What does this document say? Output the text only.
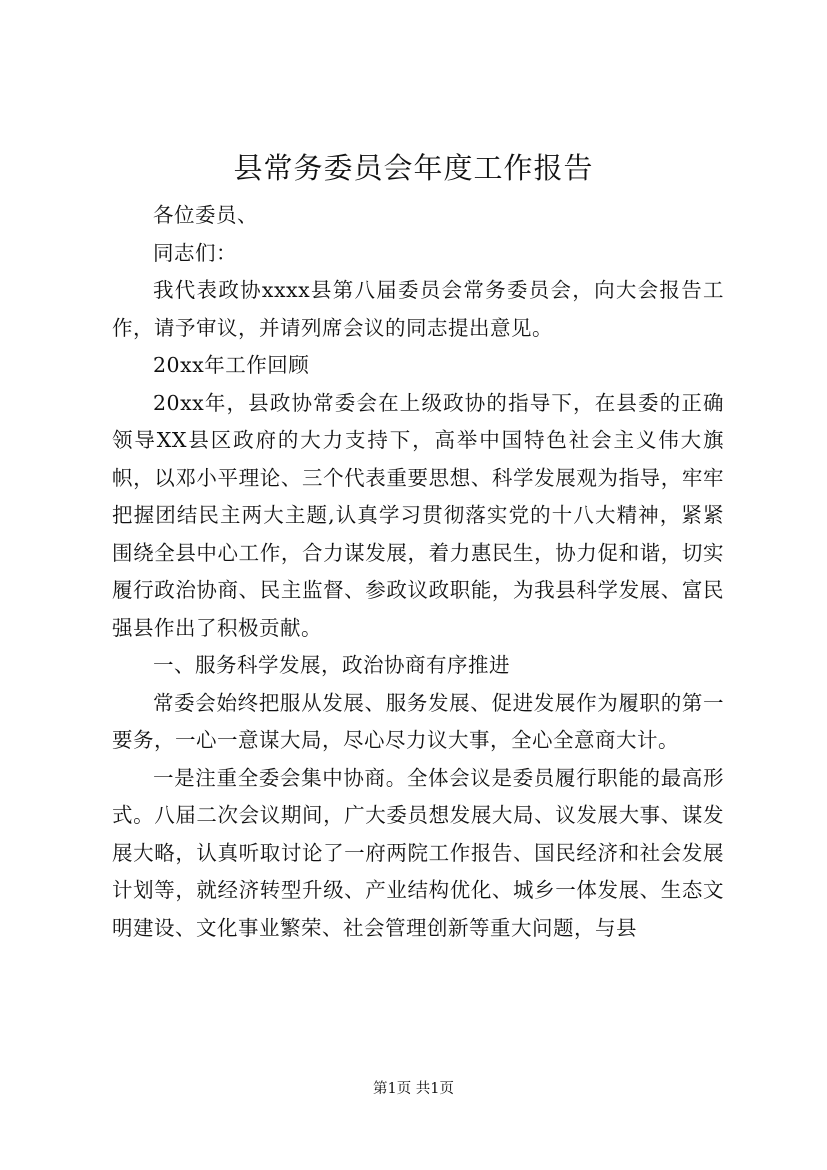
县常务委员会年度工作报告

各位委员、

同志们：

我代表政协xxxx县第八届委员会常务委员会，向大会报告工作，请予审议，并请列席会议的同志提出意见。

20xx年工作回顾

20xx年，县政协常委会在上级政协的指导下，在县委的正确领导XX县区政府的大力支持下，高举中国特色社会主义伟大旗帜，以邓小平理论、三个代表重要思想、科学发展观为指导，牢牢把握团结民主两大主题,认真学习贯彻落实党的十八大精神，紧紧围绕全县中心工作，合力谋发展，着力惠民生，协力促和谐，切实履行政治协商、民主监督、参政议政职能，为我县科学发展、富民强县作出了积极贡献。

一、服务科学发展，政治协商有序推进

常委会始终把服从发展、服务发展、促进发展作为履职的第一要务，一心一意谋大局，尽心尽力议大事，全心全意商大计。

一是注重全委会集中协商。全体会议是委员履行职能的最高形式。八届二次会议期间，广大委员想发展大局、议发展大事、谋发展大略，认真听取讨论了一府两院工作报告、国民经济和社会发展计划等，就经济转型升级、产业结构优化、城乡一体发展、生态文明建设、文化事业繁荣、社会管理创新等重大问题，与县

第1页 共1页
